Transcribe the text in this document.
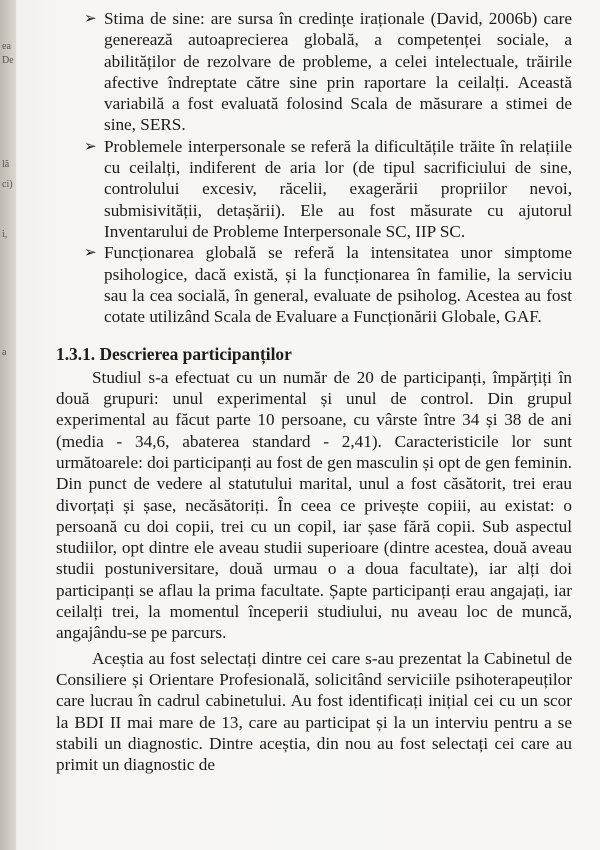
ea
De
lă
ci)
i,
a
➢ Stima de sine: are sursa în credințe iraționale (David, 2006b) care generează autoaprecierea globală, a competenței sociale, a abilităților de rezolvare de probleme, a celei intelectuale, trăirile afective îndreptate către sine prin raportare la ceilalți. Această variabilă a fost evaluată folosind Scala de măsurare a stimei de sine, SERS.

➢ Problemele interpersonale se referă la dificultățile trăite în relațiile cu ceilalți, indiferent de aria lor (de tipul sacrificiului de sine, controlului excesiv, răcelii, exagerării propriilor nevoi, submisivității, detașării). Ele au fost măsurate cu ajutorul Inventarului de Probleme Interpersonale SC, IIP SC.

➢ Funcționarea globală se referă la intensitatea unor simptome psihologice, dacă există, și la funcționarea în familie, la serviciu sau la cea socială, în general, evaluate de psiholog. Acestea au fost cotate utilizând Scala de Evaluare a Funcționării Globale, GAF.

1.3.1. Descrierea participanților

Studiul s-a efectuat cu un număr de 20 de participanți, împărțiți în două grupuri: unul experimental și unul de control. Din grupul experimental au făcut parte 10 persoane, cu vârste între 34 și 38 de ani (media - 34,6, abaterea standard - 2,41). Caracteristicile lor sunt următoarele: doi participanți au fost de gen masculin și opt de gen feminin. Din punct de vedere al statutului marital, unul a fost căsătorit, trei erau divorțați și șase, necăsătoriți. În ceea ce privește copiii, au existat: o persoană cu doi copii, trei cu un copil, iar șase fără copii. Sub aspectul studiilor, opt dintre ele aveau studii superioare (dintre acestea, două aveau studii postuniversitare, două urmau o a doua facultate), iar alți doi participanți se aflau la prima facultate. Șapte participanți erau angajați, iar ceilalți trei, la momentul începerii studiului, nu aveau loc de muncă, angajându-se pe parcurs.

Aceștia au fost selectați dintre cei care s-au prezentat la Cabinetul de Consiliere și Orientare Profesională, solicitând serviciile psihoterapeuților care lucrau în cadrul cabinetului. Au fost identificați inițial cei cu un scor la BDI II mai mare de 13, care au participat și la un interviu pentru a se stabili un diagnostic. Dintre aceștia, din nou au fost selectați cei care au primit un diagnostic de
